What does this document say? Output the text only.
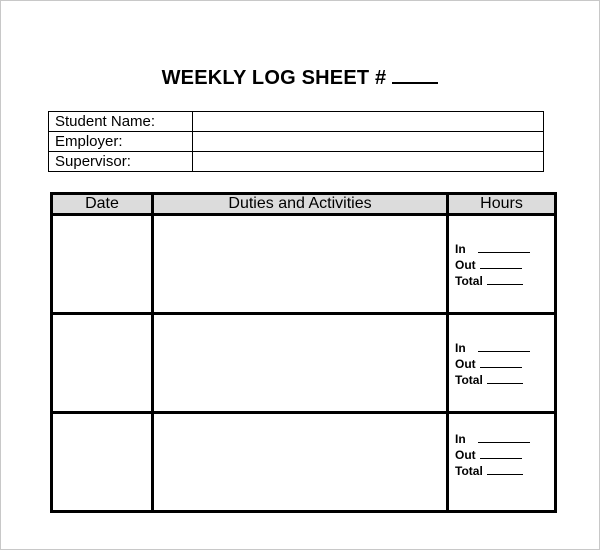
WEEKLY LOG SHEET #
Student Name:	
Employer:	
Supervisor:	
Date	Duties and Activities	Hours

		In
Out
Total

		In
Out
Total

		In
Out
Total
